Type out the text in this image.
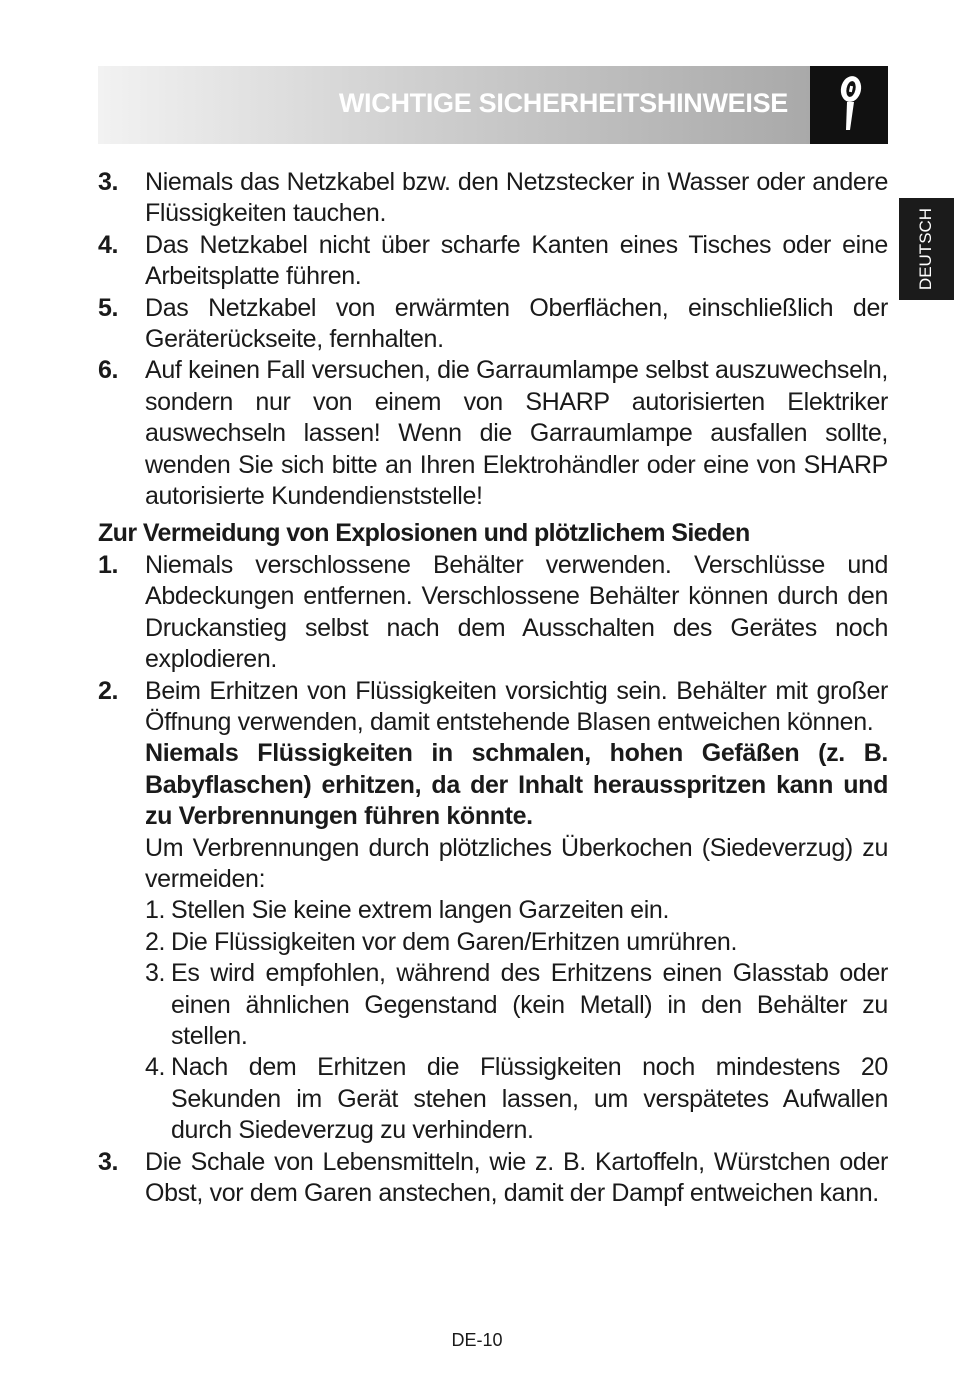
WICHTIGE SICHERHEITSHINWEISE
DEUTSCH
3. Niemals das Netzkabel bzw. den Netzstecker in Wasser oder andere Flüssigkeiten tauchen.
4. Das Netzkabel nicht über scharfe Kanten eines Tisches oder eine Arbeitsplatte führen.
5. Das Netzkabel von erwärmten Oberflächen, einschließlich der Geräterückseite, fernhalten.
6. Auf keinen Fall versuchen, die Garraumlampe selbst auszuwechseln, sondern nur von einem von SHARP autorisierten Elektriker auswechseln lassen! Wenn die Garraumlampe ausfallen sollte, wenden Sie sich bitte an Ihren Elektrohändler oder eine von SHARP autorisierte Kundendienststelle!
Zur Vermeidung von Explosionen und plötzlichem Sieden
1. Niemals verschlossene Behälter verwenden. Verschlüsse und Abdeckungen entfernen. Verschlossene Behälter können durch den Druckanstieg selbst nach dem Ausschalten des Gerätes noch explodieren.
2. Beim Erhitzen von Flüssigkeiten vorsichtig sein. Behälter mit großer Öffnung verwenden, damit entstehende Blasen entweichen können.
Niemals Flüssigkeiten in schmalen, hohen Gefäßen (z. B. Babyflaschen) erhitzen, da der Inhalt herausspritzen kann und zu Verbrennungen führen könnte.
Um Verbrennungen durch plötzliches Überkochen (Siedeverzug) zu vermeiden:
1. Stellen Sie keine extrem langen Garzeiten ein.
2. Die Flüssigkeiten vor dem Garen/Erhitzen umrühren.
3. Es wird empfohlen, während des Erhitzens einen Glasstab oder einen ähnlichen Gegenstand (kein Metall) in den Behälter zu stellen.
4. Nach dem Erhitzen die Flüssigkeiten noch mindestens 20 Sekunden im Gerät stehen lassen, um verspätetes Aufwallen durch Siedeverzug zu verhindern.
3. Die Schale von Lebensmitteln, wie z. B. Kartoffeln, Würstchen oder Obst, vor dem Garen anstechen, damit der Dampf entweichen kann.
DE-10
